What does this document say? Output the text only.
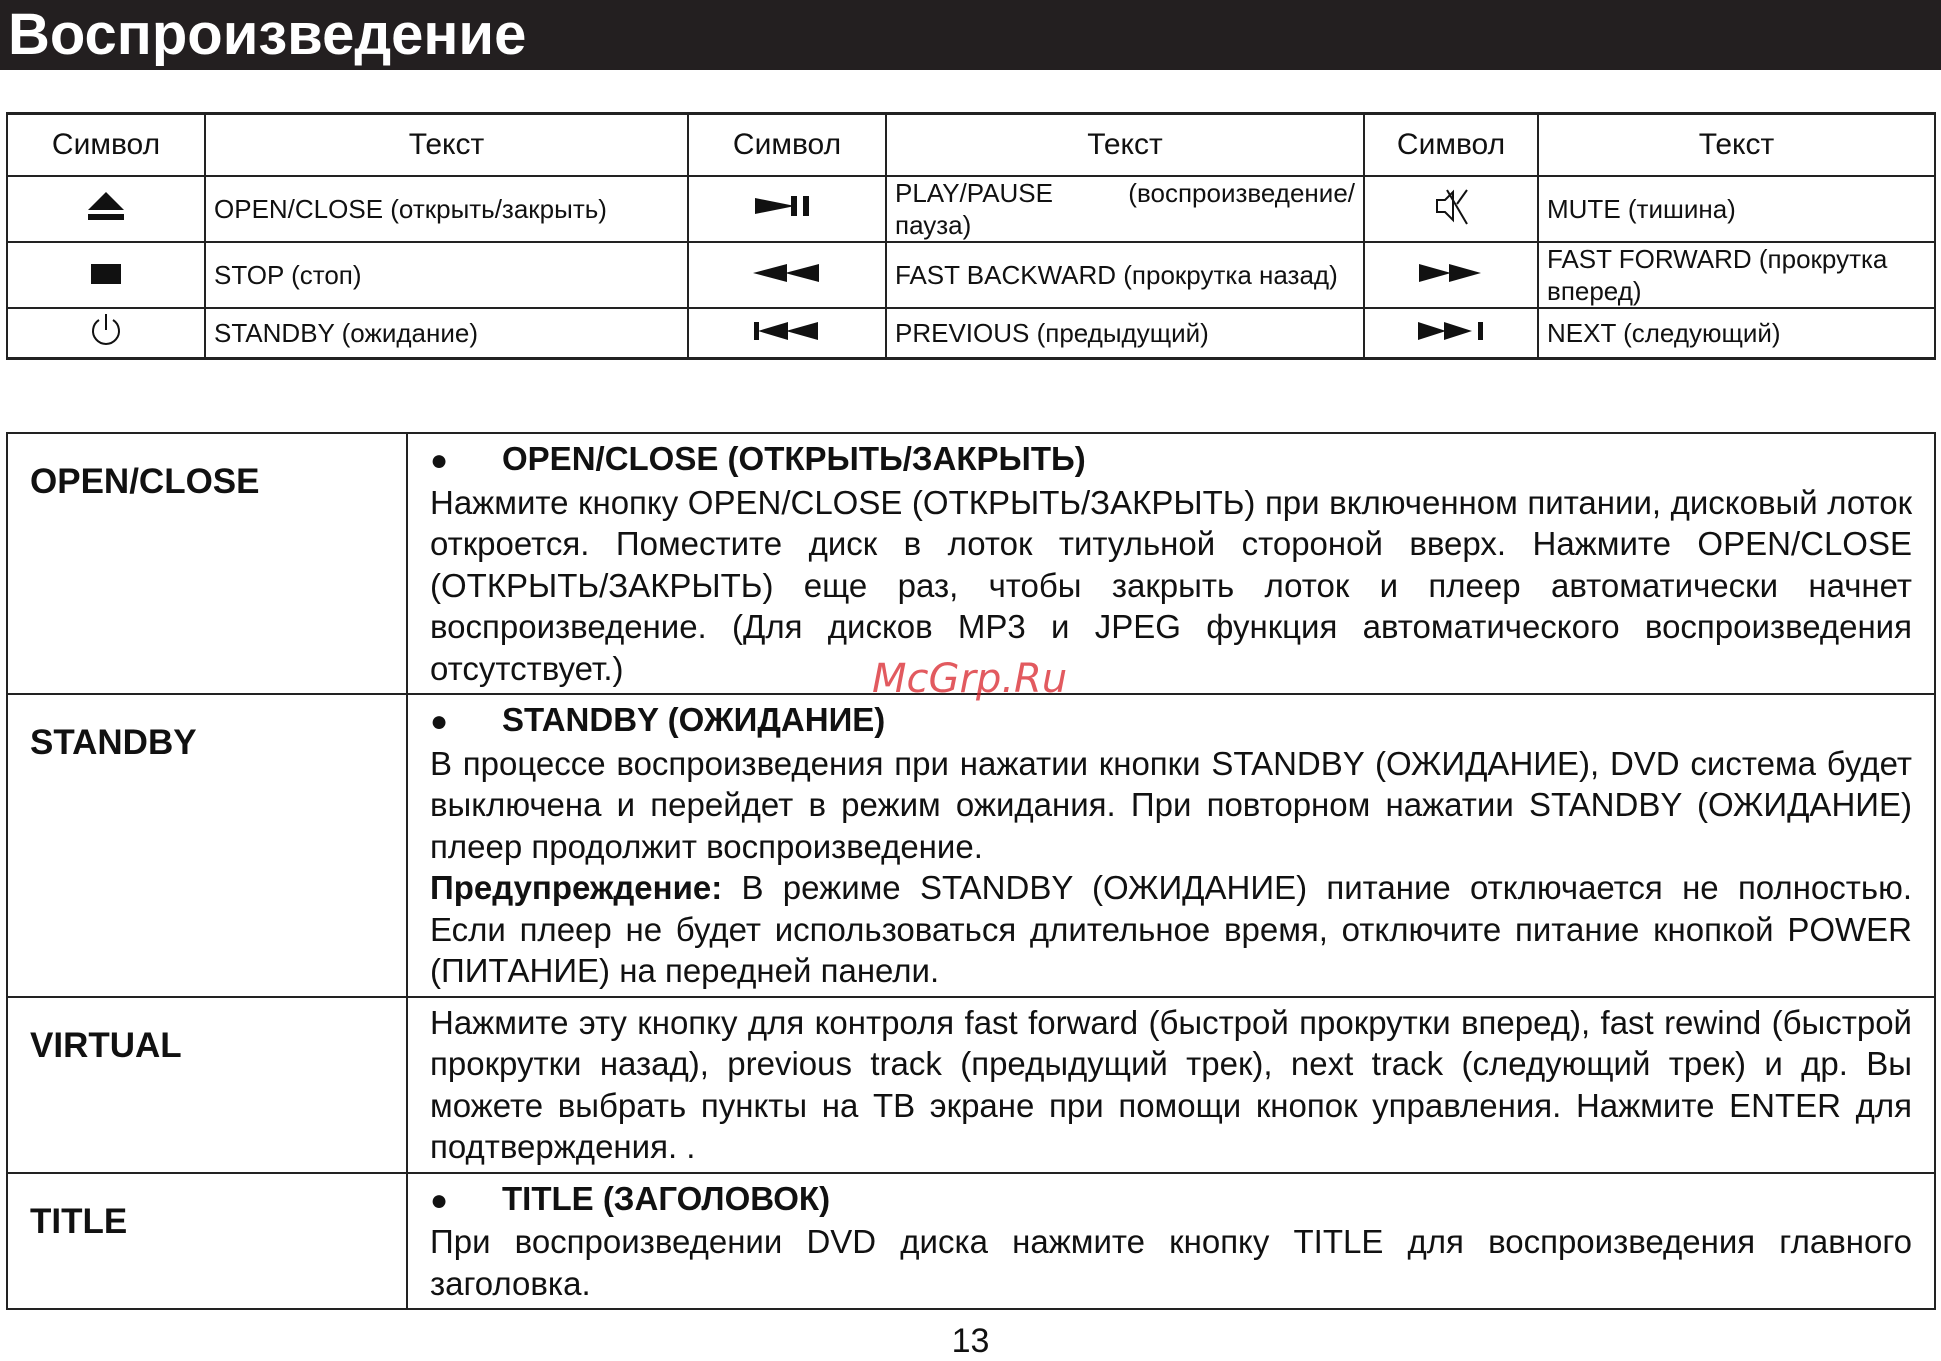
Воспроизведение
Символ	Текст	Символ	Текст	Символ	Текст

	OPEN/CLOSE (открыть/закрыть)		PLAY/PAUSE (воспроизведение/ пауза)		MUTE (тишина)

	STOP (стоп)		FAST BACKWARD (прокрутка назад)		FAST FORWARD (прокрутка вперед)

	STANDBY (ожидание)		PREVIOUS (предыдущий)		NEXT (следующий)
OPEN/CLOSE	● OPEN/CLOSE (ОТКРЫТЬ/ЗАКРЫТЬ)

Нажмите кнопку OPEN/CLOSE (ОТКРЫТЬ/ЗАКРЫТЬ) при включенном питании, дисковый лоток откроется. Поместите диск в лоток титульной стороной вверх. Нажмите OPEN/CLOSE (ОТКРЫТЬ/ЗАКРЫТЬ) еще раз, чтобы закрыть лоток и плеер автоматически начнет воспроизведение. (Для дисков MP3 и JPEG функция автоматического воспроизведения отсутствует.)

STANDBY	● STANDBY (ОЖИДАНИЕ)

В процессе воспроизведения при нажатии кнопки STANDBY (ОЖИДАНИЕ), DVD система будет выключена и перейдет в режим ожидания. При повторном нажатии STANDBY (ОЖИДАНИЕ) плеер продолжит воспроизведение.

Предупреждение: В режиме STANDBY (ОЖИДАНИЕ) питание отключается не полностью. Если плеер не будет использоваться длительное время, отключите питание кнопкой POWER (ПИТАНИЕ) на передней панели.

VIRTUAL	Нажмите эту кнопку для контроля fast forward (быстрой прокрутки вперед), fast rewind (быстрой прокрутки назад), previous track (предыдущий трек), next track (следующий трек) и др. Вы можете выбрать пункты на ТВ экране при помощи кнопок управления. Нажмите ENTER для подтверждения. .

TITLE	● TITLE (ЗАГОЛОВОК)

При воспроизведении DVD диска нажмите кнопку TITLE для воспроизведения главного заголовка.

McGrp.Ru
13
